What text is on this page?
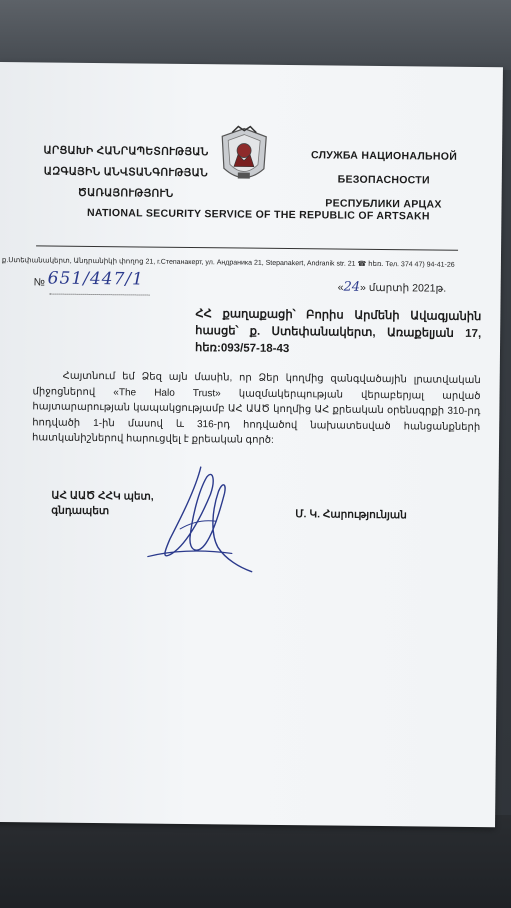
ԱՐՑԱԽԻ ՀԱՆՐԱՊԵՏՈՒԹՅԱՆ
ԱԶԳԱՅԻՆ ԱՆՎՏԱՆԳՈՒԹՅԱՆ
ԾԱՌԱՅՈՒԹՅՈՒՆ
СЛУЖБА НАЦИОНАЛЬНОЙ
БЕЗОПАСНОСТИ
РЕСПУБЛИКИ АРЦАХ
NATIONAL SECURITY SERVICE OF THE REPUBLIC OF ARTSAKH
ք.Ստեփանակերտ, Անդրանիկի փողոց 21, г.Степанакерт, ул. Андраника 21, Stepanakert, Andranik str. 21 ☎ հեռ. Тел. 374 47) 94-41-26
№ 651/447/1	«24» մարտի 2021թ.
ՀՀ քաղաքացի՝ Բորիս Արմենի Ավագյանին
հասցե՝ ք. Ստեփանակերտ, Առաքելյան 17,
հեռ:093/57-18-43
Հայտնում եմ Ձեզ այն մասին, որ Ձեր կողմից զանգվածային լրատվական միջոցներով «The Halo Trust» կազմակերպության վերաբերյալ արված հայտարարության կապակցությամբ ԱՀ ԱԱԾ կողմից ԱՀ քրեական օրենսգրքի 310-րդ հոդվածի 1-ին մասով և 316-րդ հոդվածով նախատեսված հանցանքների հատկանիշներով հարուցվել է քրեական գործ:
ԱՀ ԱԱԾ ՀՀԿ պետ,
գնդապետ	Մ. Կ. Հարությունյան
